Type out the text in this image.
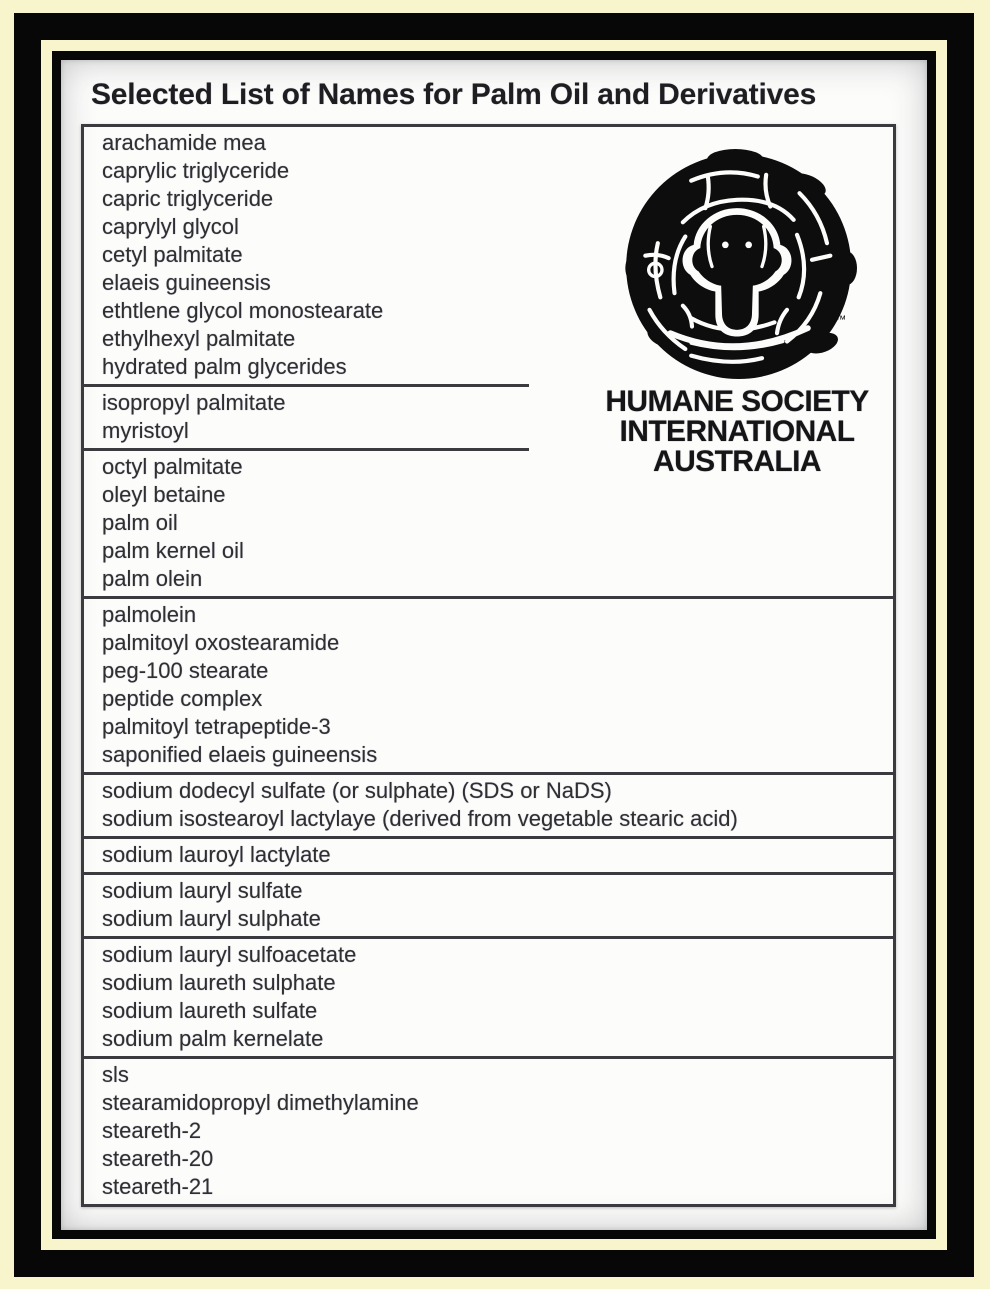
Selected List of Names for Palm Oil and Derivatives
arachamide mea
caprylic triglyceride
capric triglyceride
caprylyl glycol
cetyl palmitate
elaeis guineensis
ethtlene glycol monostearate
ethylhexyl palmitate
hydrated palm glycerides
isopropyl palmitate
myristoyl
octyl palmitate
oleyl betaine
palm oil
palm kernel oil
palm olein
palmolein
palmitoyl oxostearamide
peg-100 stearate
peptide complex
palmitoyl tetrapeptide-3
saponified elaeis guineensis
sodium dodecyl sulfate (or sulphate) (SDS or NaDS)
sodium isostearoyl lactylaye (derived from vegetable stearic acid)
sodium lauroyl lactylate
sodium lauryl sulfate
sodium lauryl sulphate
sodium lauryl sulfoacetate
sodium laureth sulphate
sodium laureth sulfate
sodium palm kernelate
sls
stearamidopropyl dimethylamine
steareth-2
steareth-20
steareth-21
™
HUMANE SOCIETY
INTERNATIONAL
AUSTRALIA
